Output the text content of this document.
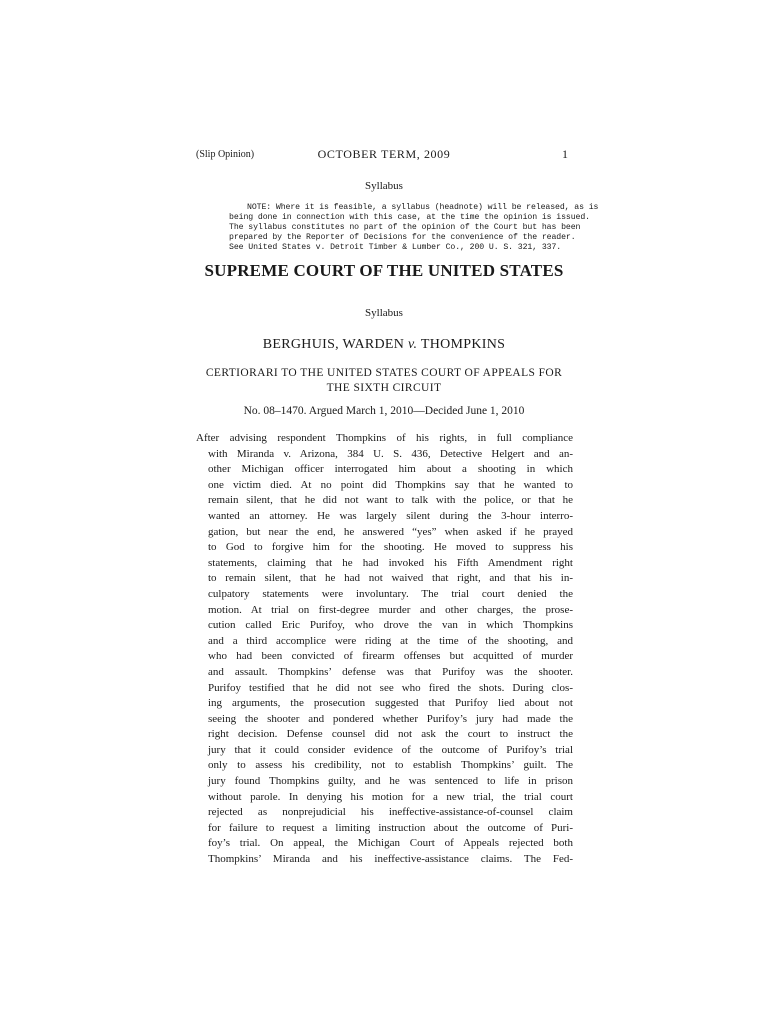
(Slip Opinion)	OCTOBER TERM, 2009	1
Syllabus
NOTE: Where it is feasible, a syllabus (headnote) will be released, as is
being done in connection with this case, at the time the opinion is issued.
The syllabus constitutes no part of the opinion of the Court but has been
prepared by the Reporter of Decisions for the convenience of the reader.
See United States v. Detroit Timber & Lumber Co., 200 U. S. 321, 337.
SUPREME COURT OF THE UNITED STATES
Syllabus
BERGHUIS, WARDEN v. THOMPKINS
CERTIORARI TO THE UNITED STATES COURT OF APPEALS FOR
THE SIXTH CIRCUIT
No. 08–1470. Argued March 1, 2010—Decided June 1, 2010
After advising respondent Thompkins of his rights, in full compliance
with Miranda v. Arizona, 384 U. S. 436, Detective Helgert and an-
other Michigan officer interrogated him about a shooting in which
one victim died. At no point did Thompkins say that he wanted to
remain silent, that he did not want to talk with the police, or that he
wanted an attorney. He was largely silent during the 3-hour interro-
gation, but near the end, he answered “yes” when asked if he prayed
to God to forgive him for the shooting. He moved to suppress his
statements, claiming that he had invoked his Fifth Amendment right
to remain silent, that he had not waived that right, and that his in-
culpatory statements were involuntary. The trial court denied the
motion. At trial on first-degree murder and other charges, the prose-
cution called Eric Purifoy, who drove the van in which Thompkins
and a third accomplice were riding at the time of the shooting, and
who had been convicted of firearm offenses but acquitted of murder
and assault. Thompkins’ defense was that Purifoy was the shooter.
Purifoy testified that he did not see who fired the shots. During clos-
ing arguments, the prosecution suggested that Purifoy lied about not
seeing the shooter and pondered whether Purifoy’s jury had made the
right decision. Defense counsel did not ask the court to instruct the
jury that it could consider evidence of the outcome of Purifoy’s trial
only to assess his credibility, not to establish Thompkins’ guilt. The
jury found Thompkins guilty, and he was sentenced to life in prison
without parole. In denying his motion for a new trial, the trial court
rejected as nonprejudicial his ineffective-assistance-of-counsel claim
for failure to request a limiting instruction about the outcome of Puri-
foy’s trial. On appeal, the Michigan Court of Appeals rejected both
Thompkins’ Miranda and his ineffective-assistance claims. The Fed-
